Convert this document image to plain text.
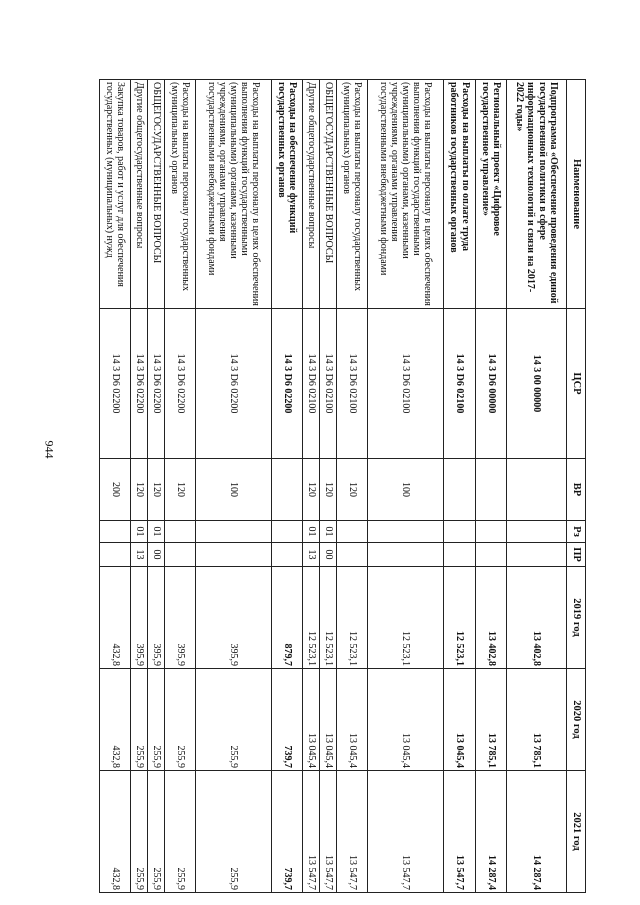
944
Наименование	ЦСР	ВР	Рз	ПР	2019 год	2020 год	2021 год
Подпрограмма «Обеспечение проведения единой государственной политики в сфере информационных технологий и связи на 2017-2022 годы»	14 3 00 00000				13 402,8	13 785,1	14 287,4
Региональный проект «Цифровое государственное управление»	14 3 D6 00000				13 402,8	13 785,1	14 287,4
Расходы на выплаты по оплате труда работников государственных органов	14 3 D6 02100				12 523,1	13 045,4	13 547,7
Расходы на выплаты персоналу в целях обеспечения выполнения функций государственными (муниципальными) органами, казенными учреждениями, органами управления государственными внебюджетными фондами	14 3 D6 02100	100			12 523,1	13 045,4	13 547,7
Расходы на выплаты персоналу государственных (муниципальных) органов	14 3 D6 02100	120			12 523,1	13 045,4	13 547,7
ОБЩЕГОСУДАРСТВЕННЫЕ ВОПРОСЫ	14 3 D6 02100	120	01	00	12 523,1	13 045,4	13 547,7
Другие общегосударственные вопросы	14 3 D6 02100	120	01	13	12 523,1	13 045,4	13 547,7
Расходы на обеспечение функций государственных органов	14 3 D6 02200				879,7	739,7	739,7
Расходы на выплаты персоналу в целях обеспечения выполнения функций государственными (муниципальными) органами, казенными учреждениями, органами управления государственными внебюджетными фондами	14 3 D6 02200	100			395,9	255,9	255,9
Расходы на выплаты персоналу государственных (муниципальных) органов	14 3 D6 02200	120			395,9	255,9	255,9
ОБЩЕГОСУДАРСТВЕННЫЕ ВОПРОСЫ	14 3 D6 02200	120	01	00	395,9	255,9	255,9
Другие общегосударственные вопросы	14 3 D6 02200	120	01	13	395,9	255,9	255,9
Закупка товаров, работ и услуг для обеспечения государственных (муниципальных) нужд	14 3 D6 02200	200			432,8	432,8	432,8
